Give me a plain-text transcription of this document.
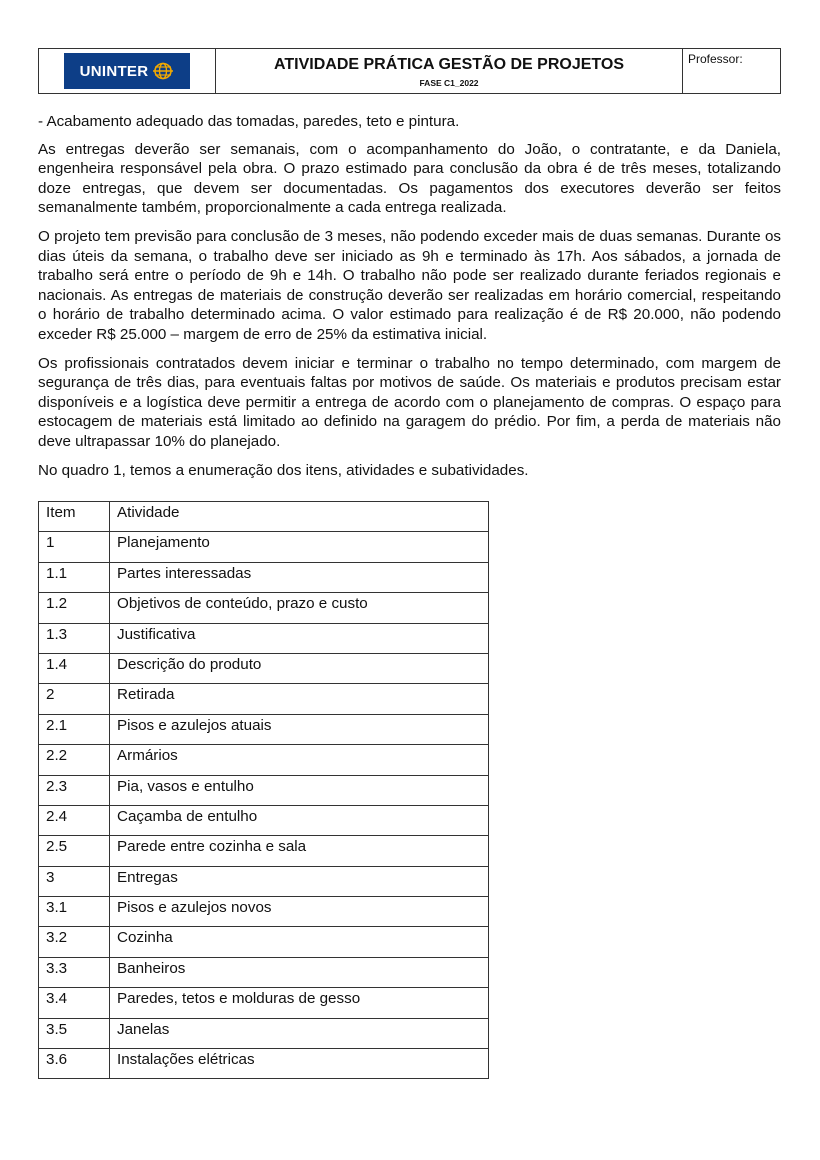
UNINTER	ATIVIDADE PRÁTICA GESTÃO DE PROJETOS
FASE C1_2022
Professor:

- Acabamento adequado das tomadas, paredes, teto e pintura.

As entregas deverão ser semanais, com o acompanhamento do João, o contratante, e da Daniela, engenheira responsável pela obra. O prazo estimado para conclusão da obra é de três meses, totalizando doze entregas, que devem ser documentadas. Os pagamentos dos executores deverão ser feitos semanalmente também, proporcionalmente a cada entrega realizada.

O projeto tem previsão para conclusão de 3 meses, não podendo exceder mais de duas semanas. Durante os dias úteis da semana, o trabalho deve ser iniciado as 9h e terminado às 17h. Aos sábados, a jornada de trabalho será entre o período de 9h e 14h. O trabalho não pode ser realizado durante feriados regionais e nacionais. As entregas de materiais de construção deverão ser realizadas em horário comercial, respeitando o horário de trabalho determinado acima. O valor estimado para realização é de R$ 20.000, não podendo exceder R$ 25.000 – margem de erro de 25% da estimativa inicial.

Os profissionais contratados devem iniciar e terminar o trabalho no tempo determinado, com margem de segurança de três dias, para eventuais faltas por motivos de saúde. Os materiais e produtos precisam estar disponíveis e a logística deve permitir a entrega de acordo com o planejamento de compras. O espaço para estocagem de materiais está limitado ao definido na garagem do prédio. Por fim, a perda de materiais não deve ultrapassar 10% do planejado.

No quadro 1, temos a enumeração dos itens, atividades e subatividades.

Item	Atividade
1	Planejamento
1.1	Partes interessadas
1.2	Objetivos de conteúdo, prazo e custo
1.3	Justificativa
1.4	Descrição do produto
2	Retirada
2.1	Pisos e azulejos atuais
2.2	Armários
2.3	Pia, vasos e entulho
2.4	Caçamba de entulho
2.5	Parede entre cozinha e sala
3	Entregas
3.1	Pisos e azulejos novos
3.2	Cozinha
3.3	Banheiros
3.4	Paredes, tetos e molduras de gesso
3.5	Janelas
3.6	Instalações elétricas
